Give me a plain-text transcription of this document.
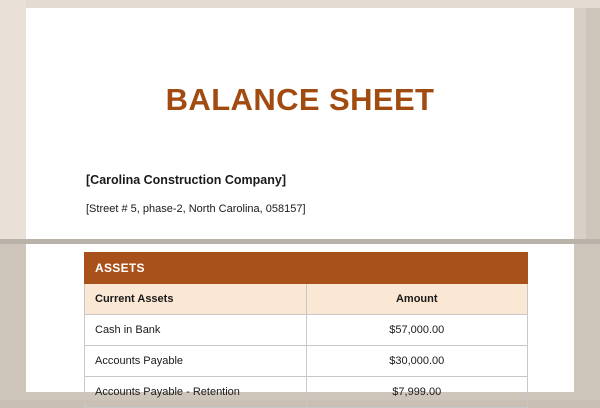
BALANCE SHEET
[Carolina Construction Company]
[Street # 5, phase-2, North Carolina, 058157]
ASSETS	
Current Assets	Amount
Cash in Bank	$57,000.00
Accounts Payable	$30,000.00
Accounts Payable - Retention	$7,999.00
